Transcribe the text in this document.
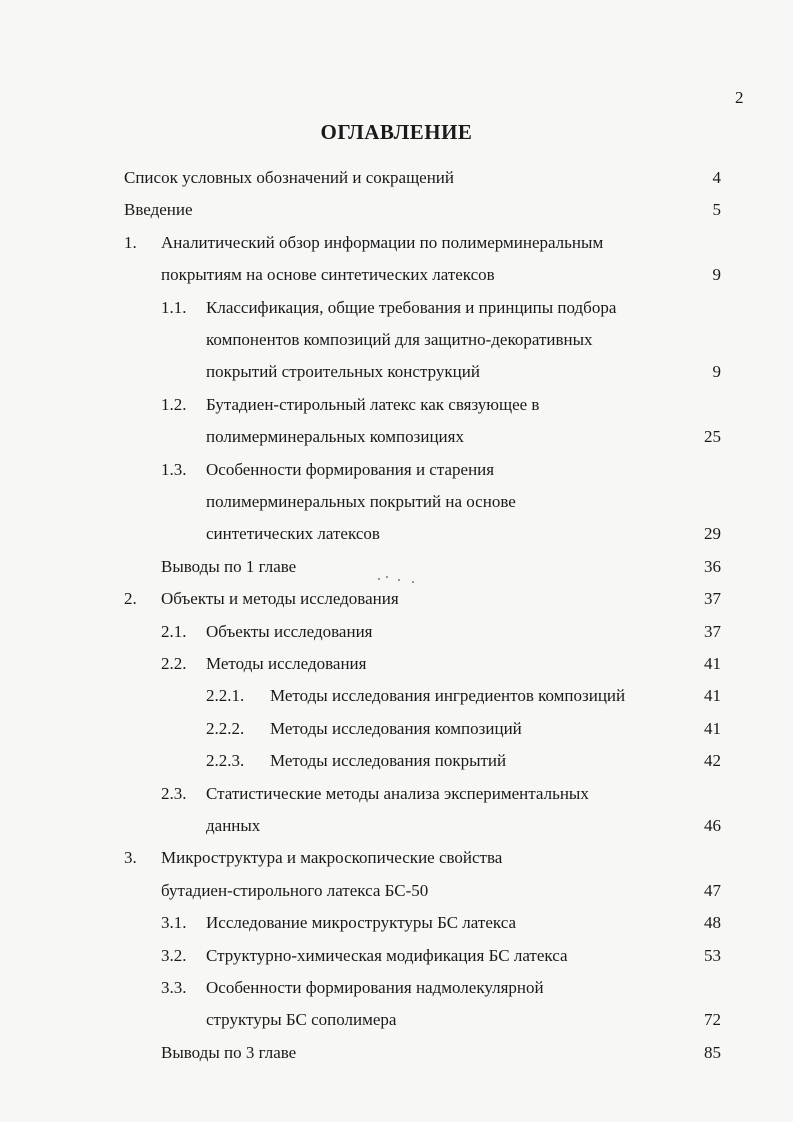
2
ОГЛАВЛЕНИЕ
Список условных обозначений и сокращений	4
Введение	5
1. Аналитический обзор информации по полимерминеральным
покрытиям на основе синтетических латексов	9
1.1. Классификация, общие требования и принципы подбора
компонентов композиций для защитно-декоративных
покрытий строительных конструкций	9
1.2. Бутадиен-стирольный латекс как связующее в
полимерминеральных композициях	25
1.3. Особенности формирования и старения
полимерминеральных покрытий на основе
синтетических латексов	29
Выводы по 1 главе	36
2. Объекты и методы исследования	37
2.1. Объекты исследования	37
2.2. Методы исследования	41
2.2.1. Методы исследования ингредиентов композиций	41
2.2.2. Методы исследования композиций	41
2.2.3. Методы исследования покрытий	42
2.3. Статистические методы анализа экспериментальных
данных	46
3. Микроструктура и макроскопические свойства
бутадиен-стирольного латекса БС-50	47
3.1. Исследование микроструктуры БС латекса	48
3.2. Структурно-химическая модификация БС латекса	53
3.3. Особенности формирования надмолекулярной
структуры БС сополимера	72
Выводы по 3 главе	85
